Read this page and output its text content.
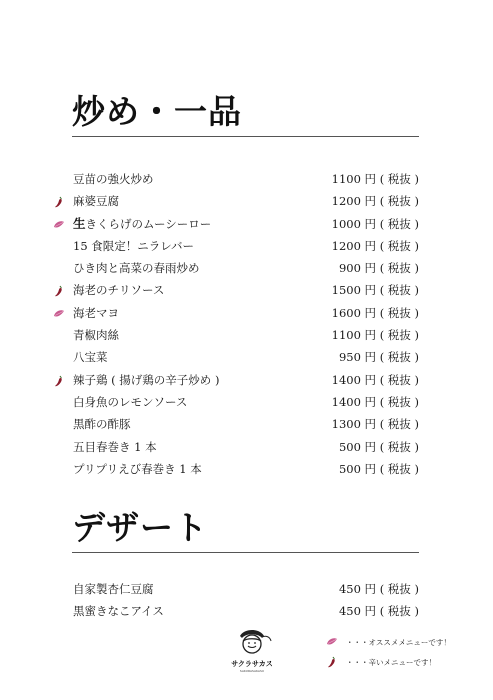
炒め・一品
豆苗の強火炒め	1100 円 ( 税抜 )
麻婆豆腐	1200 円 ( 税抜 )
生きくらげのムーシーロー	1000 円 ( 税抜 )
15 食限定！ニラレバー	1200 円 ( 税抜 )
ひき肉と高菜の春雨炒め	900 円 ( 税抜 )
海老のチリソース	1500 円 ( 税抜 )
海老マヨ	1600 円 ( 税抜 )
青椒肉絲	1100 円 ( 税抜 )
八宝菜	950 円 ( 税抜 )
辣子鶏 ( 揚げ鶏の辛子炒め )	1400 円 ( 税抜 )
白身魚のレモンソース	1400 円 ( 税抜 )
黒酢の酢豚	1300 円 ( 税抜 )
五目春巻き 1 本	500 円 ( 税抜 )
プリプリえび春巻き 1 本	500 円 ( 税抜 )
デザート
自家製杏仁豆腐	450 円 ( 税抜 )
黒蜜きなこアイス	450 円 ( 税抜 )
サクラサカス
SAKURASAKASU
・・・オススメメニューです！
・・・辛いメニューです！
